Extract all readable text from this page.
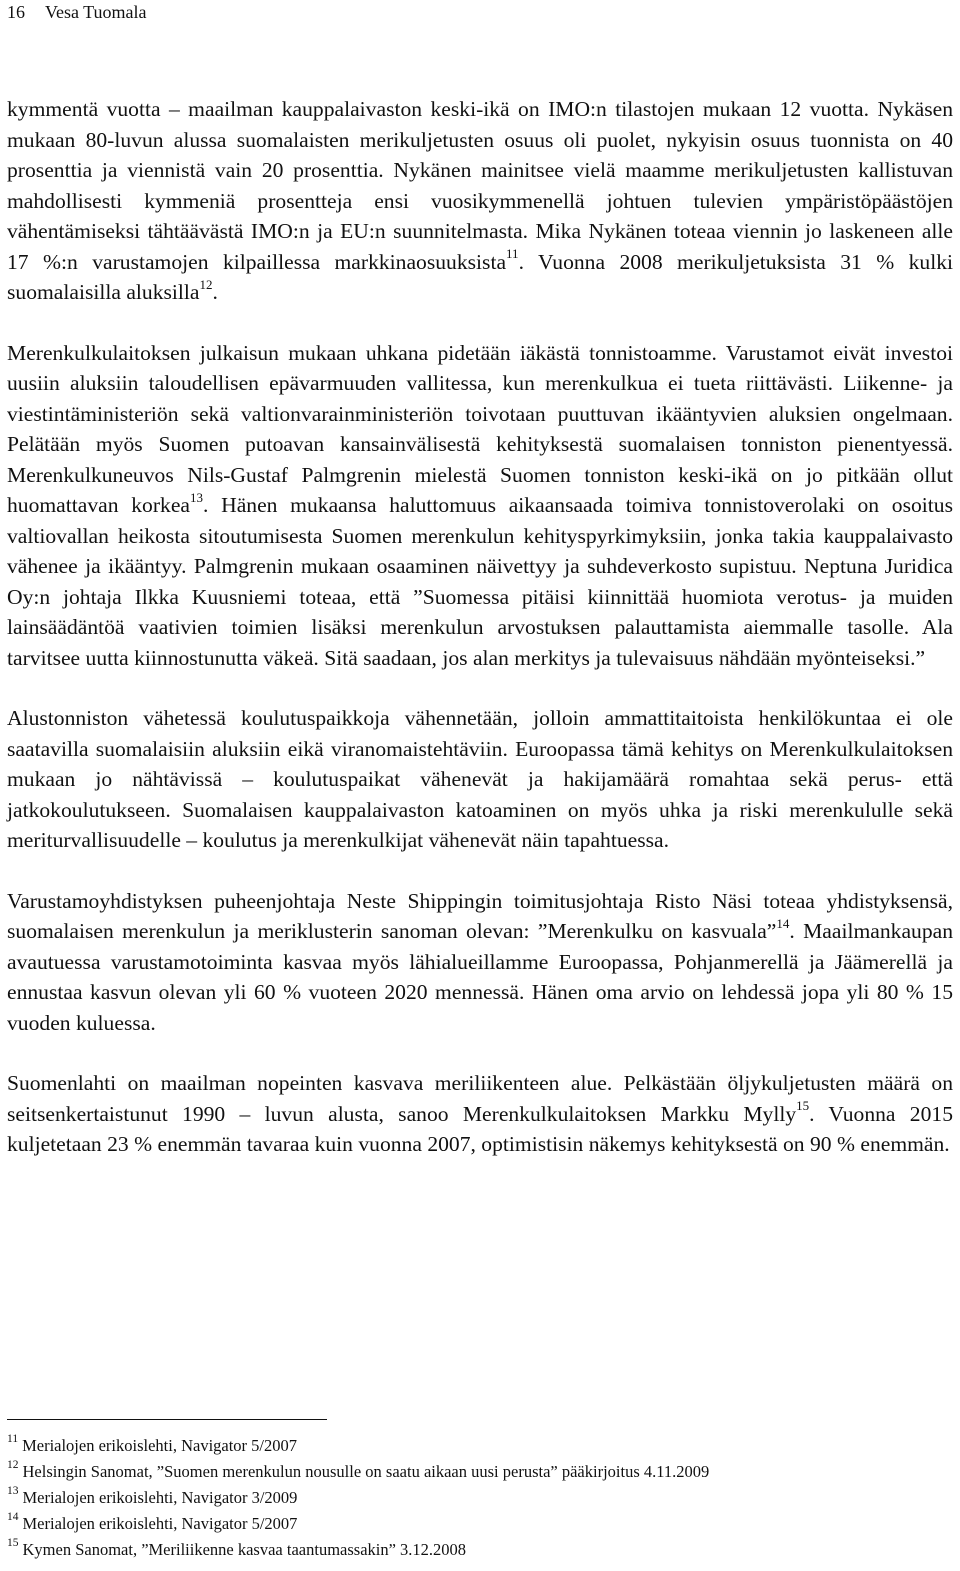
16 Vesa Tuomala

kymmentä vuotta – maailman kauppalaivaston keski-ikä on IMO:n tilastojen mukaan 12 vuotta. Nykäsen mukaan 80-luvun alussa suomalaisten merikuljetusten osuus oli puolet, nykyisin osuus tuonnista on 40 prosenttia ja viennistä vain 20 prosenttia. Nykänen mainitsee vielä maamme merikuljetusten kallistuvan mahdollisesti kymmeniä prosentteja ensi vuosikymmenellä johtuen tulevien ympäristöpäästöjen vähentämiseksi tähtäävästä IMO:n ja EU:n suunnitelmasta. Mika Nykänen toteaa viennin jo laskeneen alle 17 %:n varustamojen kilpaillessa markkinaosuuksista$^{11}$. Vuonna 2008 merikuljetuksista 31 % kulki suomalaisilla aluksilla$^{12}$.

Merenkulkulaitoksen julkaisun mukaan uhkana pidetään iäkästä tonnistoamme. Varustamot eivät investoi uusiin aluksiin taloudellisen epävarmuuden vallitessa, kun merenkulkua ei tueta riittävästi. Liikenne- ja viestintäministeriön sekä valtionvarainministeriön toivotaan puuttuvan ikääntyvien aluksien ongelmaan. Pelätään myös Suomen putoavan kansainvälisestä kehityksestä suomalaisen tonniston pienentyessä. Merenkulkuneuvos Nils-Gustaf Palmgrenin mielestä Suomen tonniston keski-ikä on jo pitkään ollut huomattavan korkea$^{13}$. Hänen mukaansa haluttomuus aikaansaada toimiva tonnistoverolaki on osoitus valtiovallan heikosta sitoutumisesta Suomen merenkulun kehityspyrkimyksiin, jonka takia kauppalaivasto vähenee ja ikääntyy. Palmgrenin mukaan osaaminen näivettyy ja suhdeverkosto supistuu. Neptuna Juridica Oy:n johtaja Ilkka Kuusniemi toteaa, että ”Suomessa pitäisi kiinnittää huomiota verotus- ja muiden lainsäädäntöä vaativien toimien lisäksi merenkulun arvostuksen palauttamista aiemmalle tasolle. Ala tarvitsee uutta kiinnostunutta väkeä. Sitä saadaan, jos alan merkitys ja tulevaisuus nähdään myönteiseksi.”

Alustonniston vähetessä koulutuspaikkoja vähennetään, jolloin ammattitaitoista henkilökuntaa ei ole saatavilla suomalaisiin aluksiin eikä viranomaistehtäviin. Euroopassa tämä kehitys on Merenkulkulaitoksen mukaan jo nähtävissä – koulutuspaikat vähenevät ja hakijamäärä romahtaa sekä perus- että jatkokoulutukseen. Suomalaisen kauppalaivaston katoaminen on myös uhka ja riski merenkululle sekä meriturvallisuudelle – koulutus ja merenkulkijat vähenevät näin tapahtuessa.

Varustamoyhdistyksen puheenjohtaja Neste Shippingin toimitusjohtaja Risto Näsi toteaa yhdistyksensä, suomalaisen merenkulun ja meriklusterin sanoman olevan: ”Merenkulku on kasvuala”$^{14}$. Maailmankaupan avautuessa varustamotoiminta kasvaa myös lähialueillamme Euroopassa, Pohjanmerellä ja Jäämerellä ja ennustaa kasvun olevan yli 60 % vuoteen 2020 mennessä. Hänen oma arvio on lehdessä jopa yli 80 % 15 vuoden kuluessa.

Suomenlahti on maailman nopeinten kasvava meriliikenteen alue. Pelkästään öljykuljetusten määrä on seitsenkertaistunut 1990 – luvun alusta, sanoo Merenkulkulaitoksen Markku Mylly$^{15}$. Vuonna 2015 kuljetetaan 23 % enemmän tavaraa kuin vuonna 2007, optimistisin näkemys kehityksestä on 90 % enemmän.

$^{11}$ Merialojen erikoislehti, Navigator 5/2007
$^{12}$ Helsingin Sanomat, ”Suomen merenkulun nousulle on saatu aikaan uusi perusta” pääkirjoitus 4.11.2009
$^{13}$ Merialojen erikoislehti, Navigator 3/2009
$^{14}$ Merialojen erikoislehti, Navigator 5/2007
$^{15}$ Kymen Sanomat, ”Meriliikenne kasvaa taantumassakin” 3.12.2008
